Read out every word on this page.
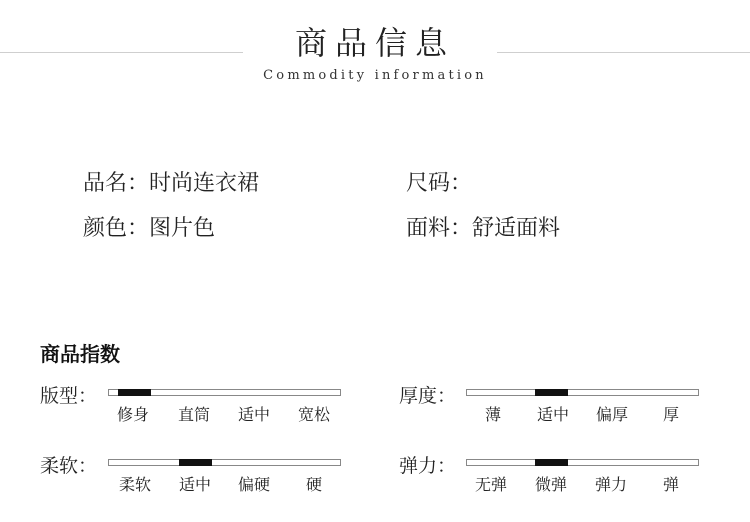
商品信息
Commodity information
品名：时尚连衣裙	尺码：
颜色：图片色	面料：舒适面料
商品指数
版型：
修身 直筒 适中 宽松
厚度：
薄 适中 偏厚 厚
柔软：
柔软 适中 偏硬 硬
弹力：
无弹 微弹 弹力 弹
